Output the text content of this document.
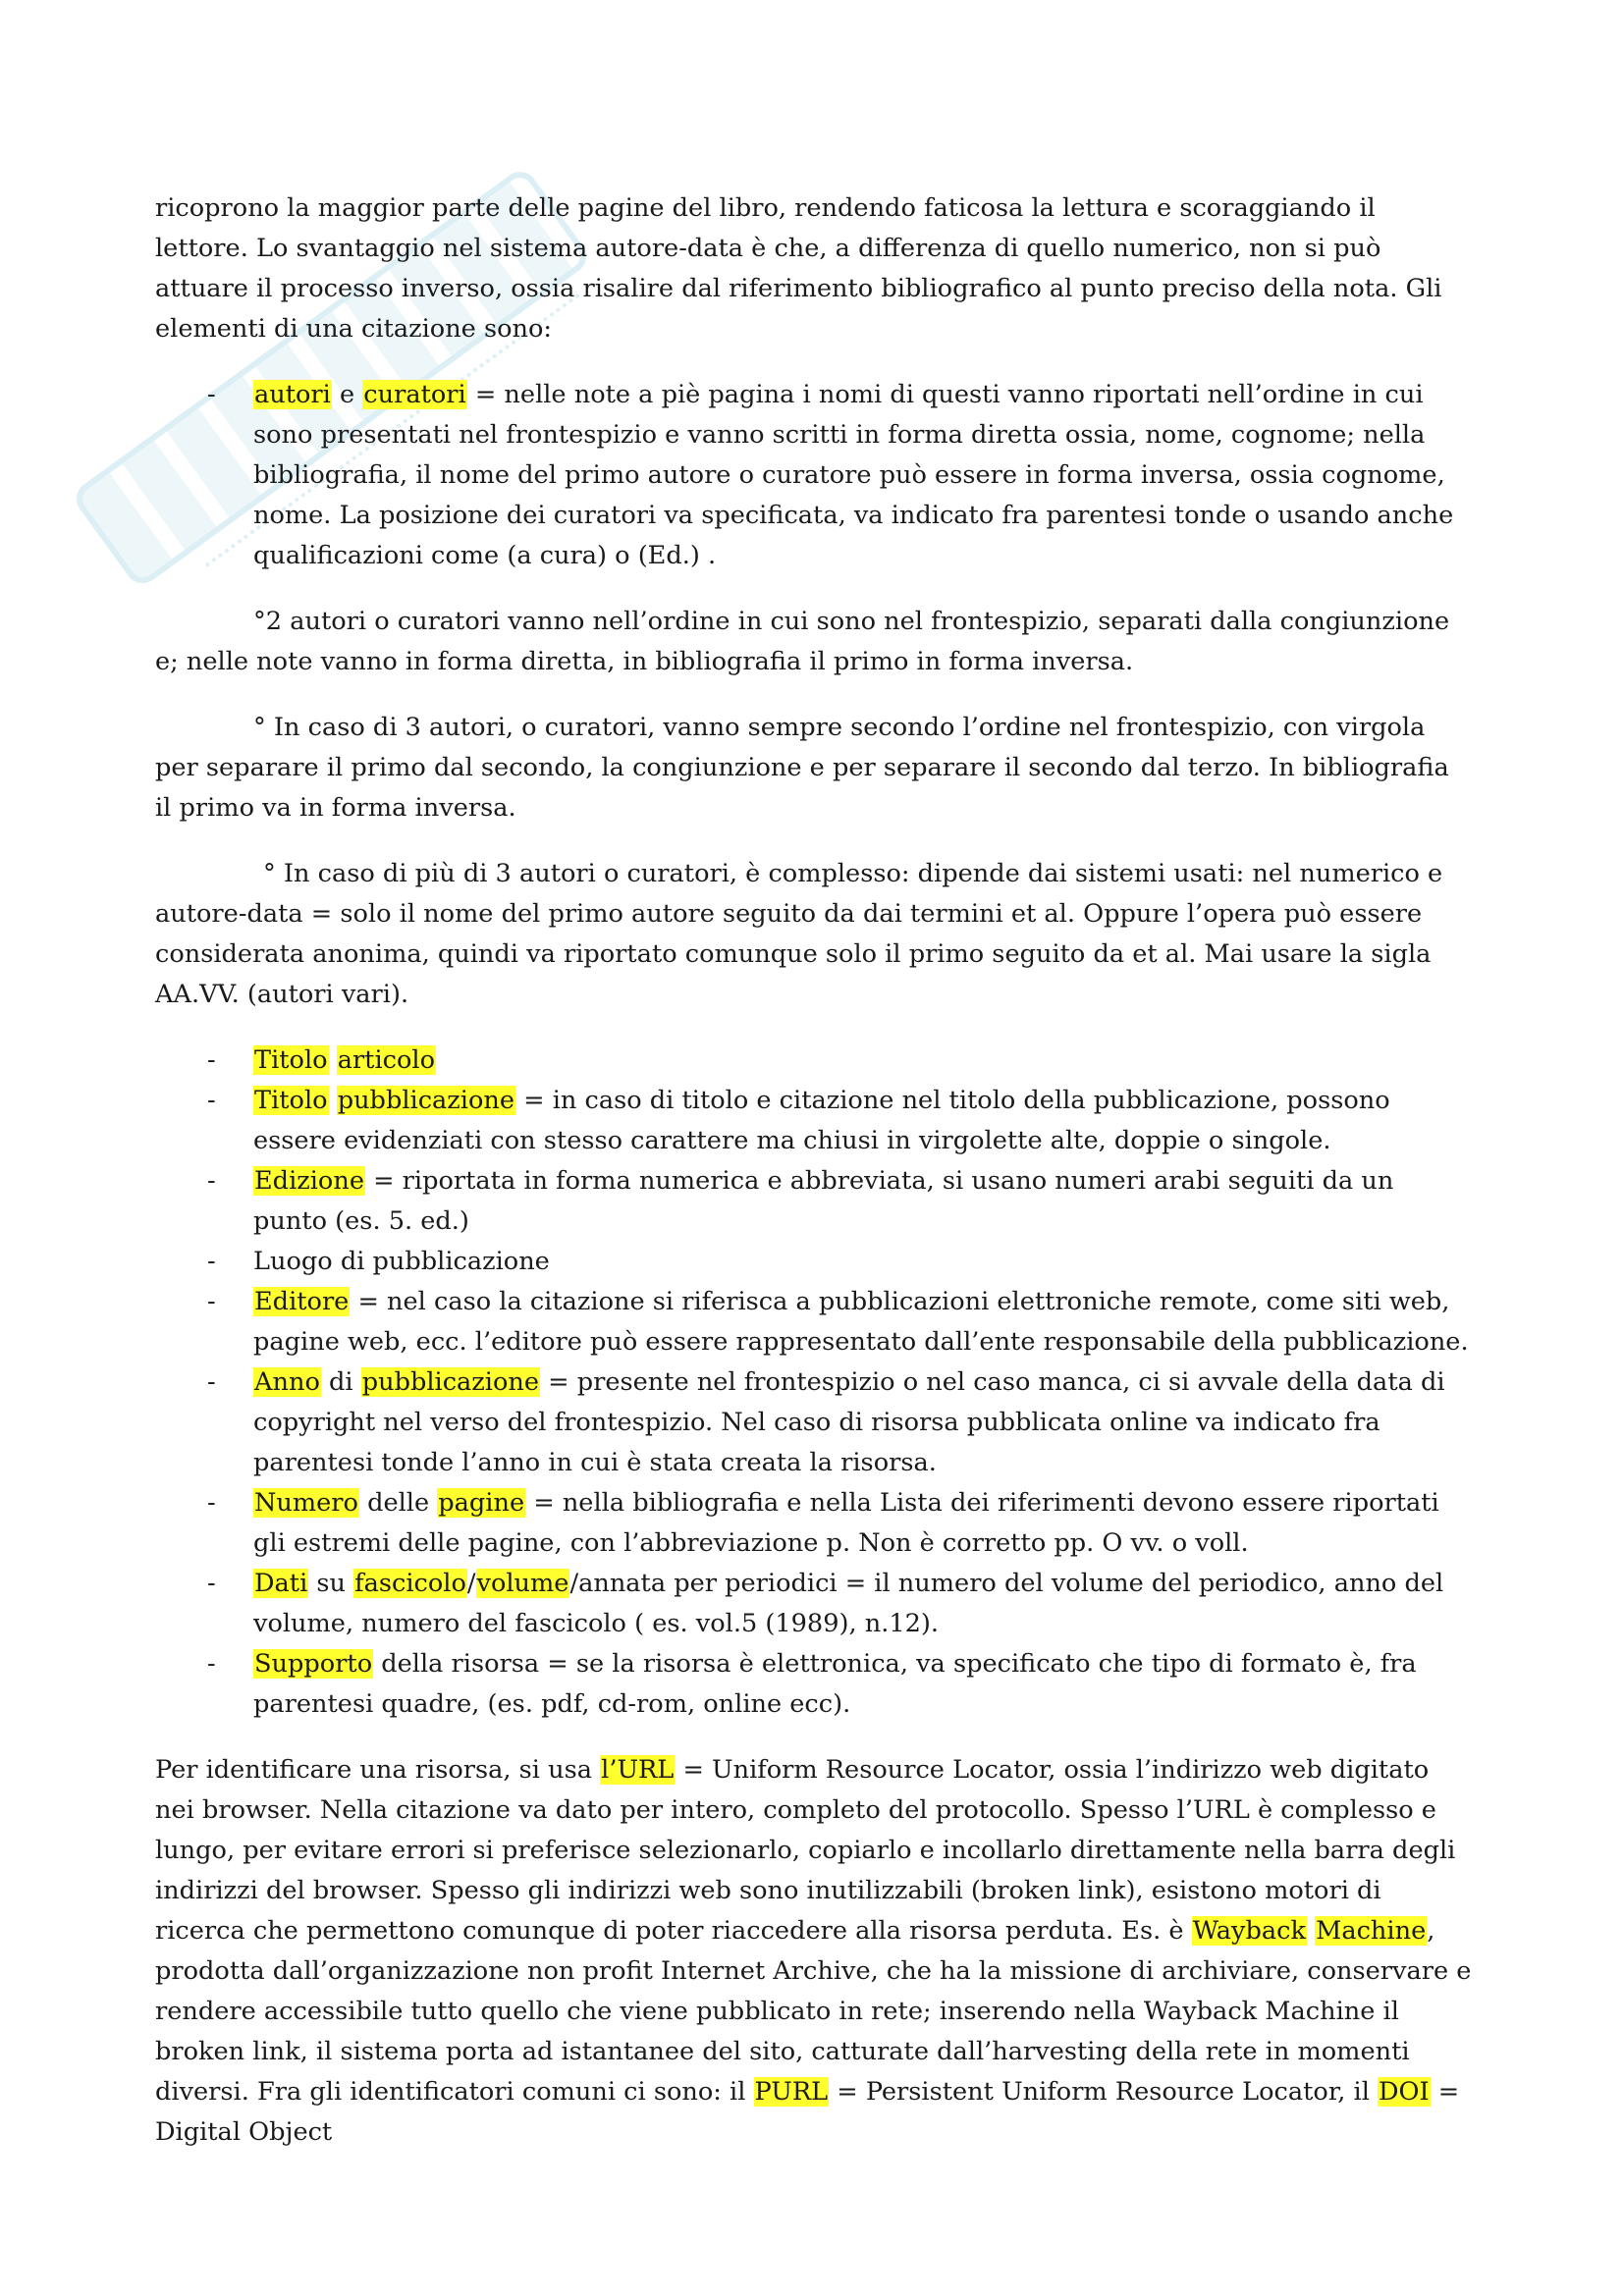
ricoprono la maggior parte delle pagine del libro, rendendo faticosa la lettura e scoraggiando il lettore. Lo svantaggio nel sistema autore-data è che, a differenza di quello numerico, non si può attuare il processo inverso, ossia risalire dal riferimento bibliografico al punto preciso della nota. Gli elementi di una citazione sono:

- autori e curatori = nelle note a piè pagina i nomi di questi vanno riportati nell’ordine in cui sono presentati nel frontespizio e vanno scritti in forma diretta ossia, nome, cognome; nella bibliografia, il nome del primo autore o curatore può essere in forma inversa, ossia cognome, nome. La posizione dei curatori va specificata, va indicato fra parentesi tonde o usando anche qualificazioni come (a cura) o (Ed.) .

°2 autori o curatori vanno nell’ordine in cui sono nel frontespizio, separati dalla congiunzione e; nelle note vanno in forma diretta, in bibliografia il primo in forma inversa.

° In caso di 3 autori, o curatori, vanno sempre secondo l’ordine nel frontespizio, con virgola per separare il primo dal secondo, la congiunzione e per separare il secondo dal terzo. In bibliografia il primo va in forma inversa.

° In caso di più di 3 autori o curatori, è complesso: dipende dai sistemi usati: nel numerico e autore-data = solo il nome del primo autore seguito da dai termini et al. Oppure l’opera può essere considerata anonima, quindi va riportato comunque solo il primo seguito da et al. Mai usare la sigla AA.VV. (autori vari).

- Titolo articolo
- Titolo pubblicazione = in caso di titolo e citazione nel titolo della pubblicazione, possono essere evidenziati con stesso carattere ma chiusi in virgolette alte, doppie o singole.
- Edizione = riportata in forma numerica e abbreviata, si usano numeri arabi seguiti da un punto (es. 5. ed.)
- Luogo di pubblicazione
- Editore = nel caso la citazione si riferisca a pubblicazioni elettroniche remote, come siti web, pagine web, ecc. l’editore può essere rappresentato dall’ente responsabile della pubblicazione.
- Anno di pubblicazione = presente nel frontespizio o nel caso manca, ci si avvale della data di copyright nel verso del frontespizio. Nel caso di risorsa pubblicata online va indicato fra parentesi tonde l’anno in cui è stata creata la risorsa.
- Numero delle pagine = nella bibliografia e nella Lista dei riferimenti devono essere riportati gli estremi delle pagine, con l’abbreviazione p. Non è corretto pp. O vv. o voll.
- Dati su fascicolo/volume/annata per periodici = il numero del volume del periodico, anno del volume, numero del fascicolo ( es. vol.5 (1989), n.12).
- Supporto della risorsa = se la risorsa è elettronica, va specificato che tipo di formato è, fra parentesi quadre, (es. pdf, cd-rom, online ecc).

Per identificare una risorsa, si usa l’URL = Uniform Resource Locator, ossia l’indirizzo web digitato nei browser. Nella citazione va dato per intero, completo del protocollo. Spesso l’URL è complesso e lungo, per evitare errori si preferisce selezionarlo, copiarlo e incollarlo direttamente nella barra degli indirizzi del browser. Spesso gli indirizzi web sono inutilizzabili (broken link), esistono motori di ricerca che permettono comunque di poter riaccedere alla risorsa perduta. Es. è Wayback Machine, prodotta dall’organizzazione non profit Internet Archive, che ha la missione di archiviare, conservare e rendere accessibile tutto quello che viene pubblicato in rete; inserendo nella Wayback Machine il broken link, il sistema porta ad istantanee del sito, catturate dall’harvesting della rete in momenti diversi. Fra gli identificatori comuni ci sono: il PURL = Persistent Uniform Resource Locator, il DOI = Digital Object
